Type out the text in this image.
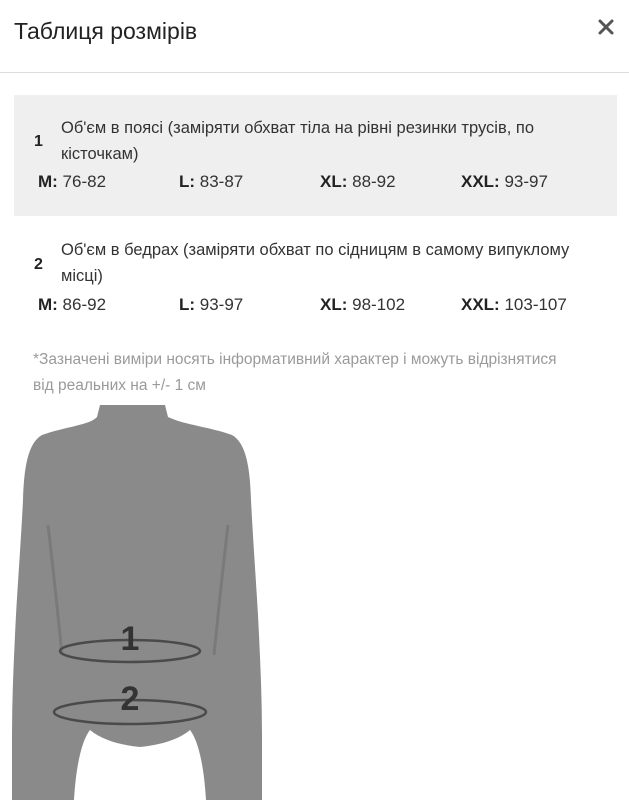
Таблиця розмірів
1
Об'єм в поясі (заміряти обхват тіла на рівні резинки трусів, по кісточкам)
M: 76-82	L: 83-87	XL: 88-92	XXL: 93-97
2
Об'єм в бедрах (заміряти обхват по сідницям в самому випуклому місці)
M: 86-92	L: 93-97	XL: 98-102	XXL: 103-107
*Зазначені виміри носять інформативний характер і можуть відрізнятися від реальних на +/- 1 см
1
2
